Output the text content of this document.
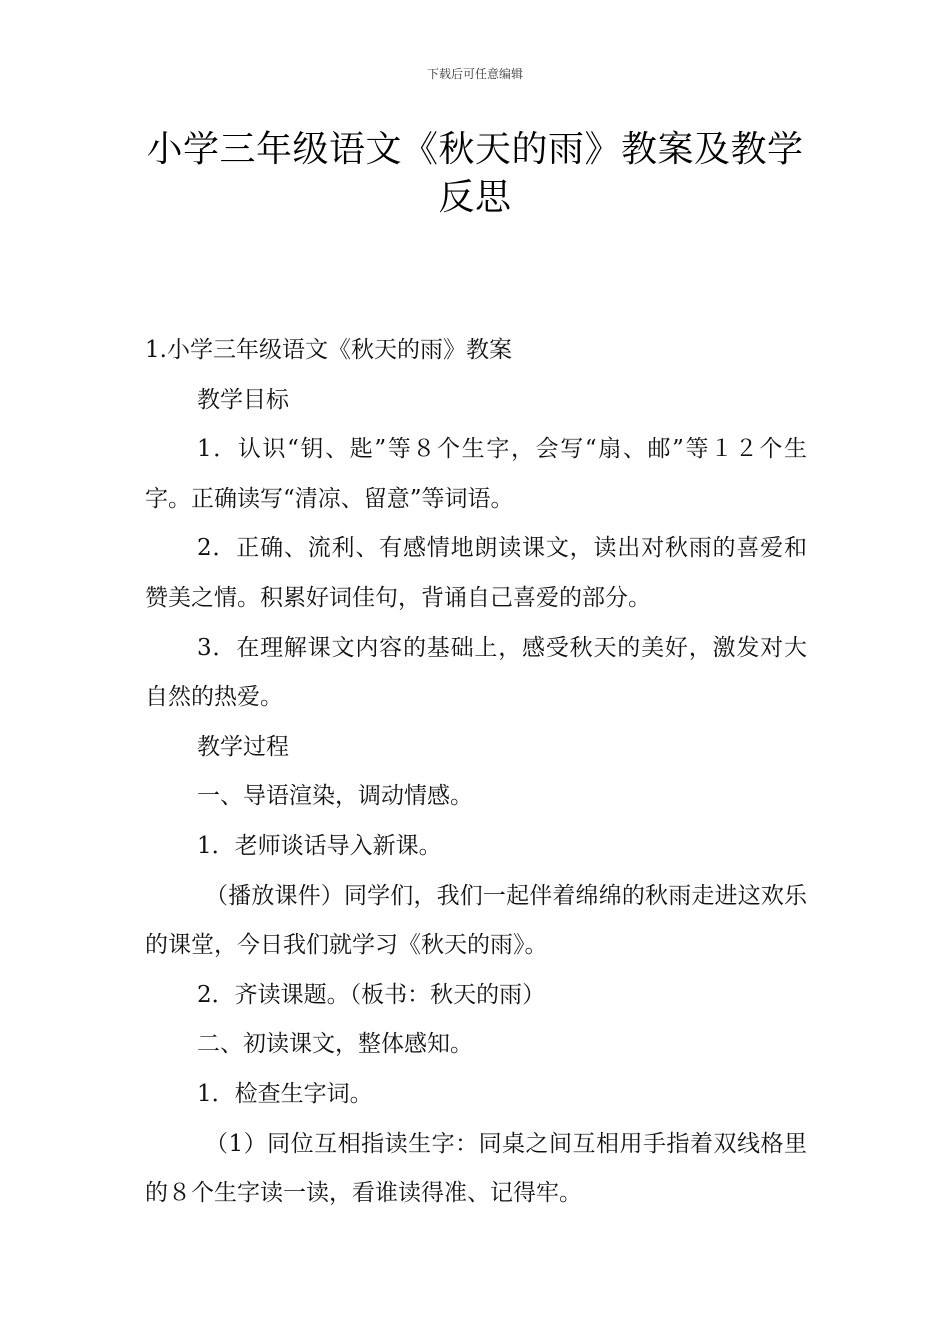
下载后可任意编辑
小学三年级语文《秋天的雨》教案及教学
反思

1.小学三年级语文《秋天的雨》教案

教学目标

1．认识“钥、匙”等８个生字，会写“扇、邮”等１２个生字。正确读写“清凉、留意”等词语。

2．正确、流利、有感情地朗读课文，读出对秋雨的喜爱和赞美之情。积累好词佳句，背诵自己喜爱的部分。

3．在理解课文内容的基础上，感受秋天的美好，激发对大自然的热爱。

教学过程

一、导语渲染，调动情感。

1．老师谈话导入新课。

（播放课件）同学们，我们一起伴着绵绵的秋雨走进这欢乐的课堂，今日我们就学习《秋天的雨》。

2．齐读课题。（板书：秋天的雨）

二、初读课文，整体感知。

1．检查生字词。

（1）同位互相指读生字：同桌之间互相用手指着双线格里的８个生字读一读，看谁读得准、记得牢。
